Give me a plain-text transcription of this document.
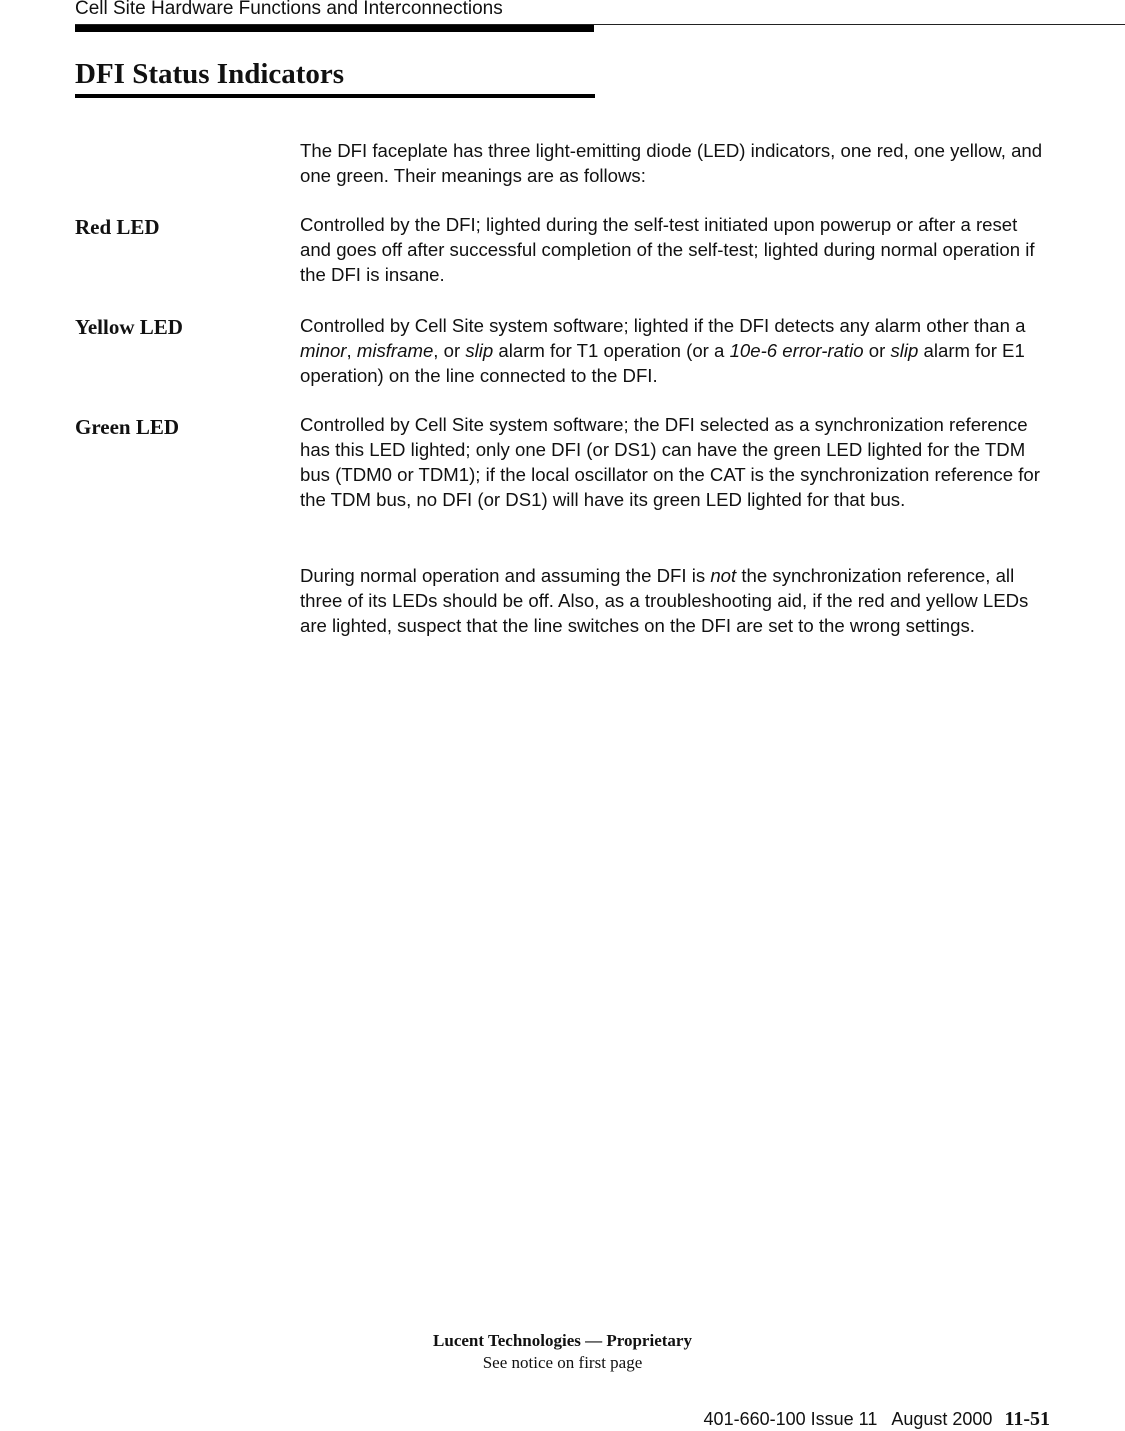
Cell Site Hardware Functions and Interconnections
DFI Status Indicators

The DFI faceplate has three light-emitting diode (LED) indicators, one red, one yellow, and one green. Their meanings are as follows:

Red LED	Controlled by the DFI; lighted during the self-test initiated upon powerup or after a reset and goes off after successful completion of the self-test; lighted during normal operation if the DFI is insane.

Yellow LED	Controlled by Cell Site system software; lighted if the DFI detects any alarm other than a minor, misframe, or slip alarm for T1 operation (or a 10e-6 error-ratio or slip alarm for E1 operation) on the line connected to the DFI.

Green LED	Controlled by Cell Site system software; the DFI selected as a synchronization reference has this LED lighted; only one DFI (or DS1) can have the green LED lighted for the TDM bus (TDM0 or TDM1); if the local oscillator on the CAT is the synchronization reference for the TDM bus, no DFI (or DS1) will have its green LED lighted for that bus.

During normal operation and assuming the DFI is not the synchronization reference, all three of its LEDs should be off. Also, as a troubleshooting aid, if the red and yellow LEDs are lighted, suspect that the line switches on the DFI are set to the wrong settings.

Lucent Technologies — Proprietary
See notice on first page
401-660-100 Issue 11 August 2000 11-51
